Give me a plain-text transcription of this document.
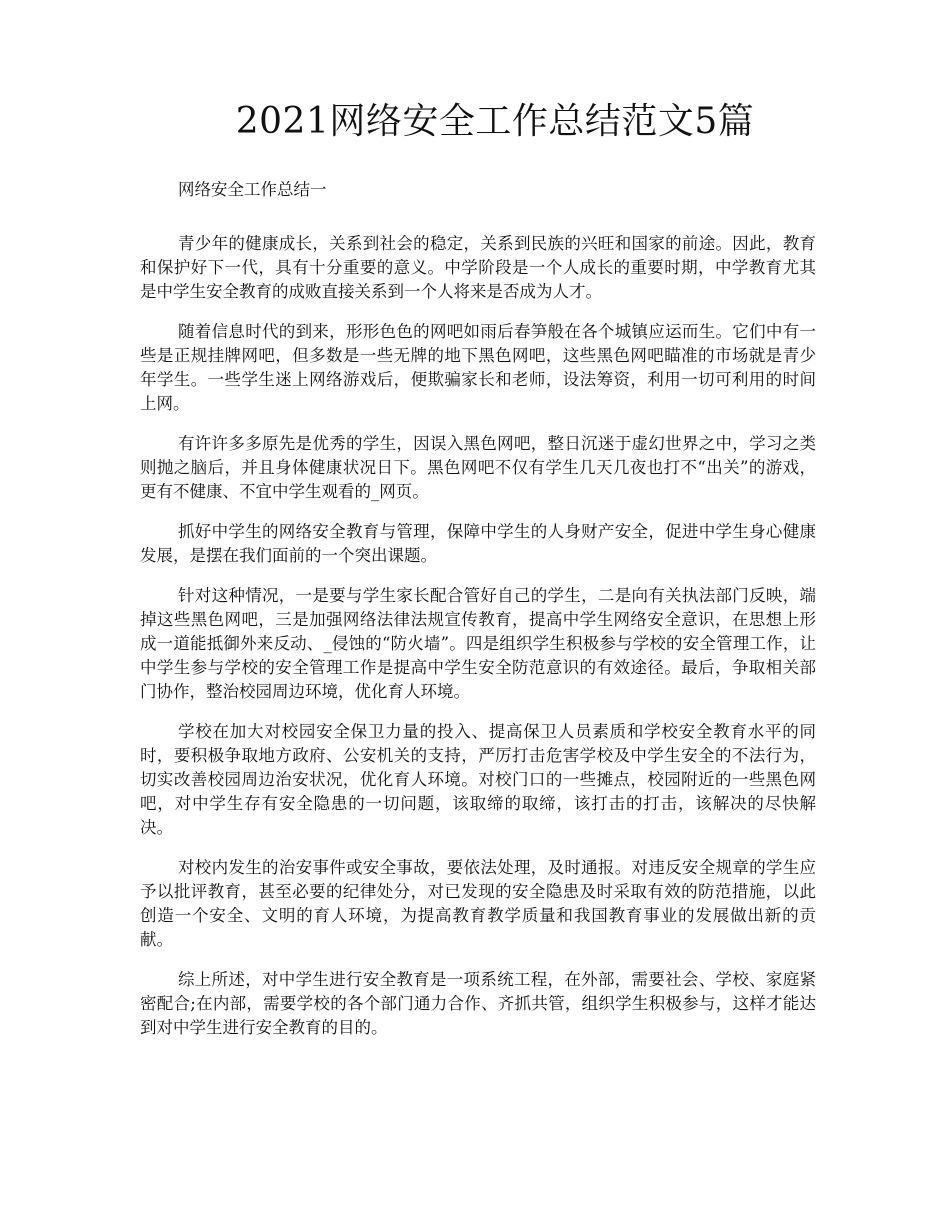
2021网络安全工作总结范文5篇

网络安全工作总结一

青少年的健康成长，关系到社会的稳定，关系到民族的兴旺和国家的前途。因此，教育和保护好下一代，具有十分重要的意义。中学阶段是一个人成长的重要时期，中学教育尤其是中学生安全教育的成败直接关系到一个人将来是否成为人才。

随着信息时代的到来，形形色色的网吧如雨后春笋般在各个城镇应运而生。它们中有一些是正规挂牌网吧，但多数是一些无牌的地下黑色网吧，这些黑色网吧瞄准的市场就是青少年学生。一些学生迷上网络游戏后，便欺骗家长和老师，设法筹资，利用一切可利用的时间上网。

有许许多多原先是优秀的学生，因误入黑色网吧，整日沉迷于虚幻世界之中，学习之类则抛之脑后，并且身体健康状况日下。黑色网吧不仅有学生几天几夜也打不“出关”的游戏，更有不健康、不宜中学生观看的_网页。

抓好中学生的网络安全教育与管理，保障中学生的人身财产安全，促进中学生身心健康发展，是摆在我们面前的一个突出课题。

针对这种情况，一是要与学生家长配合管好自己的学生，二是向有关执法部门反映，端掉这些黑色网吧，三是加强网络法律法规宣传教育，提高中学生网络安全意识，在思想上形成一道能抵御外来反动、_侵蚀的“防火墙”。四是组织学生积极参与学校的安全管理工作，让中学生参与学校的安全管理工作是提高中学生安全防范意识的有效途径。最后，争取相关部门协作，整治校园周边环境，优化育人环境。

学校在加大对校园安全保卫力量的投入、提高保卫人员素质和学校安全教育水平的同时，要积极争取地方政府、公安机关的支持，严厉打击危害学校及中学生安全的不法行为，切实改善校园周边治安状况，优化育人环境。对校门口的一些摊点，校园附近的一些黑色网吧，对中学生存有安全隐患的一切问题，该取缔的取缔，该打击的打击，该解决的尽快解决。

对校内发生的治安事件或安全事故，要依法处理，及时通报。对违反安全规章的学生应予以批评教育，甚至必要的纪律处分，对已发现的安全隐患及时采取有效的防范措施，以此创造一个安全、文明的育人环境，为提高教育教学质量和我国教育事业的发展做出新的贡献。

综上所述，对中学生进行安全教育是一项系统工程，在外部，需要社会、学校、家庭紧密配合;在内部，需要学校的各个部门通力合作、齐抓共管，组织学生积极参与，这样才能达到对中学生进行安全教育的目的。
